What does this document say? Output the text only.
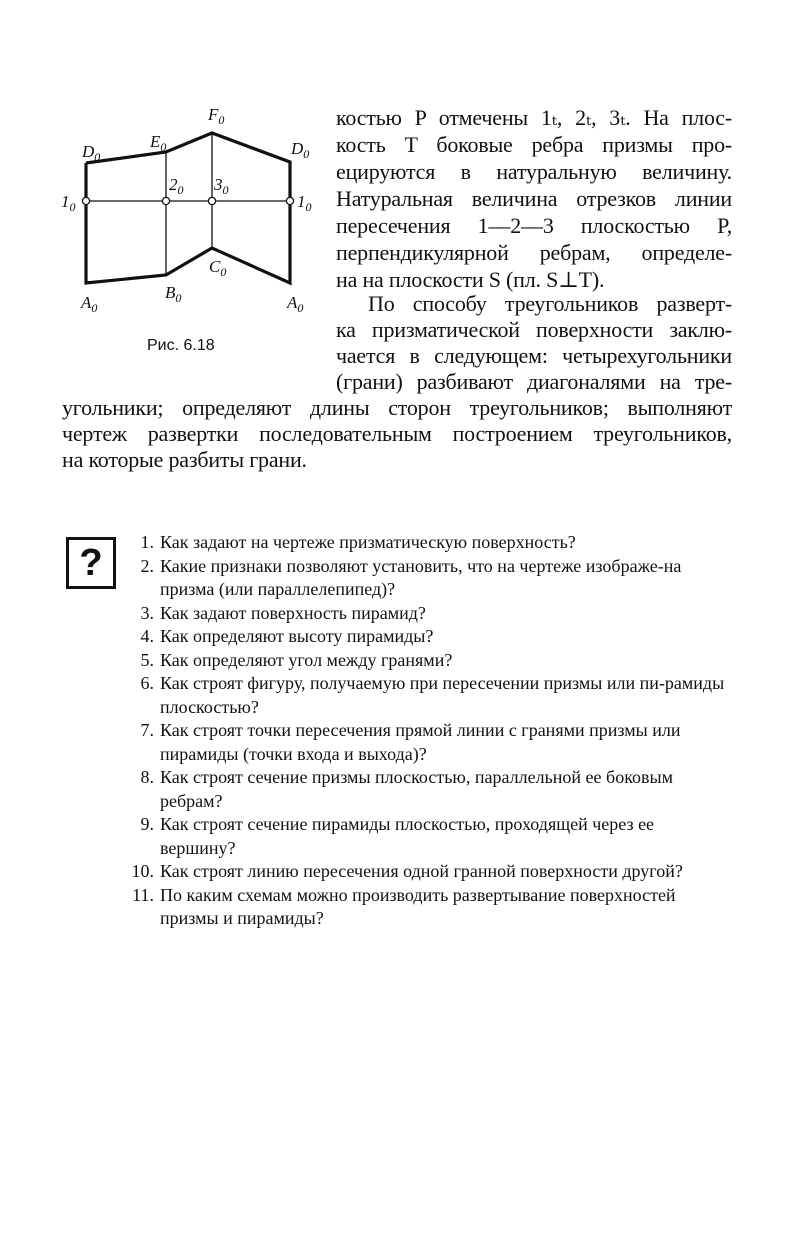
$F_0$
$E_0$
$D_0$	$D_0$
$1_0$
$2_0$ $3_0$
$1_0$
$C_0$
$A_0$
$B_0$	$A_0$
Рис. 6.18
костью P отмечены 1ₜ, 2ₜ, 3ₜ. На плос-
кость T боковые ребра призмы про-
ецируются в натуральную величину.
Натуральная величина отрезков линии
пересечения 1—2—3 плоскостью P,
перпендикулярной ребрам, определе-
на на плоскости S (пл. S⊥T).
По способу треугольников разверт-
ка призматической поверхности заклю-
чается в следующем: четырехугольники
(грани) разбивают диагоналями на тре-
угольники; определяют длины сторон треугольников; выполняют
чертеж развертки последовательным построением треугольников,
на которые разбиты грани.
?	1. Как задают на чертеже призматическую поверхность?
2. Какие признаки позволяют установить, что на чертеже изображе-на призма (или параллелепипед)?
3. Как задают поверхность пирамид?
4. Как определяют высоту пирамиды?
5. Как определяют угол между гранями?
6. Как строят фигуру, получаемую при пересечении призмы или пи-рамиды плоскостью?
7. Как строят точки пересечения прямой линии с гранями призмы или пирамиды (точки входа и выхода)?
8. Как строят сечение призмы плоскостью, параллельной ее боковым ребрам?
9. Как строят сечение пирамиды плоскостью, проходящей через ее вершину?
10. Как строят линию пересечения одной гранной поверхности другой?
11. По каким схемам можно производить развертывание поверхностей призмы и пирамиды?
